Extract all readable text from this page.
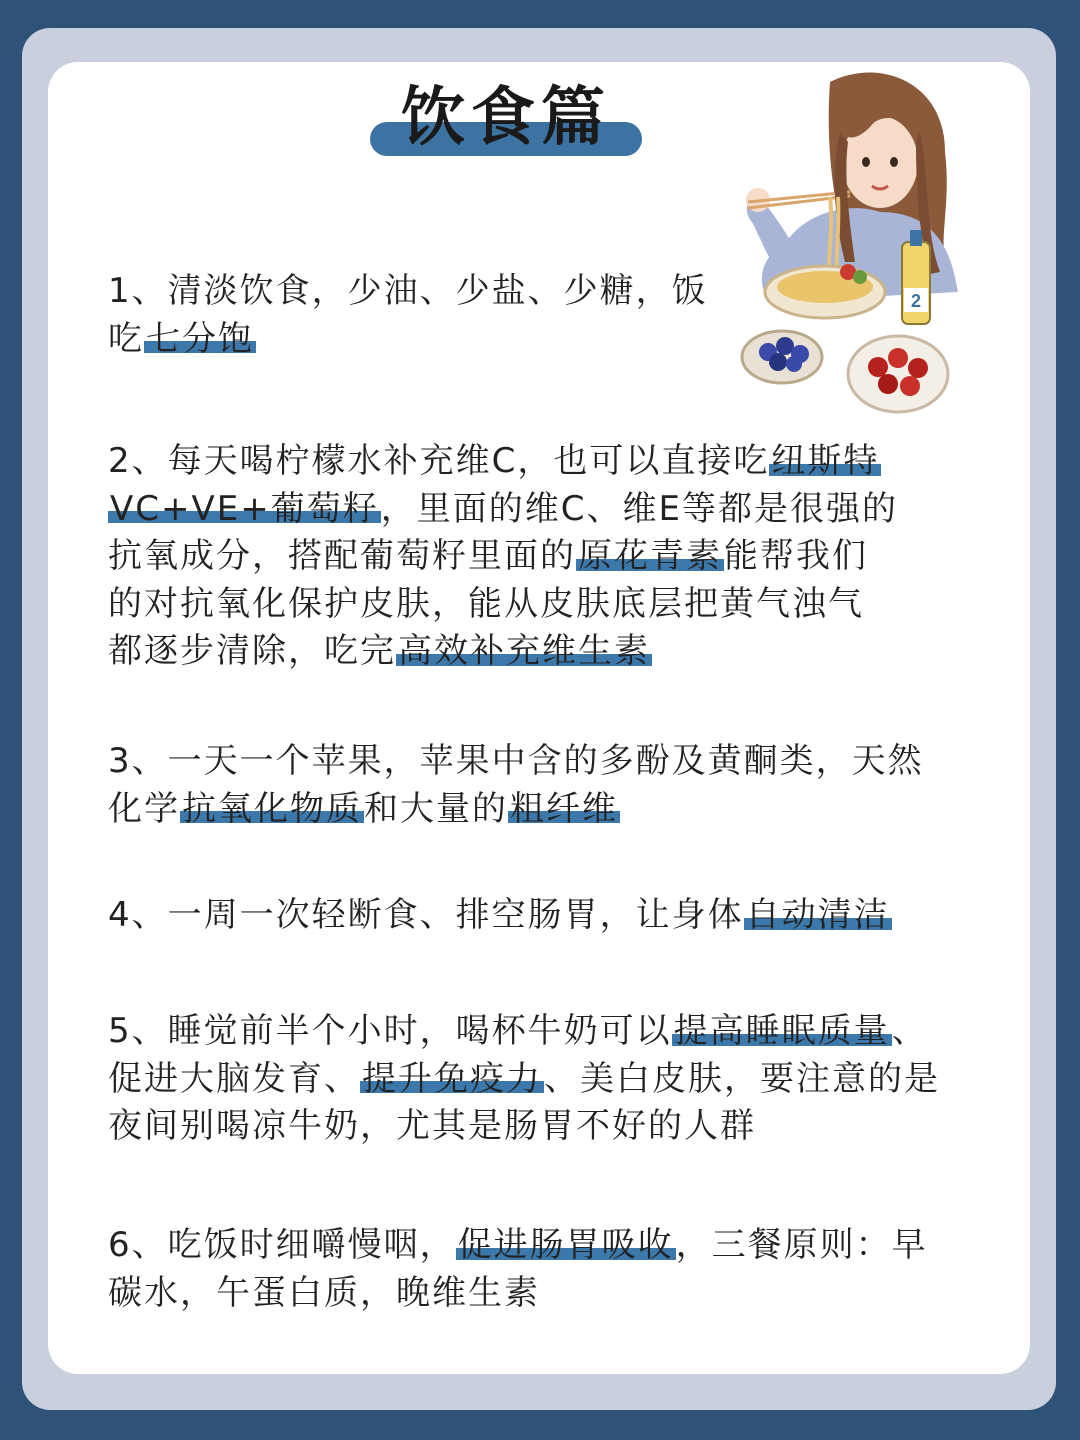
饮食篇
2

1、清淡饮食，少油、少盐、少糖，饭
吃七分饱

2、每天喝柠檬水补充维C，也可以直接吃纽斯特
VC+VE+葡萄籽，里面的维C、维E等都是很强的
抗氧成分，搭配葡萄籽里面的原花青素能帮我们
的对抗氧化保护皮肤，能从皮肤底层把黄气浊气
都逐步清除，吃完高效补充维生素

3、一天一个苹果，苹果中含的多酚及黄酮类，天然
化学抗氧化物质和大量的粗纤维

4、一周一次轻断食、排空肠胃，让身体自动清洁

5、睡觉前半个小时，喝杯牛奶可以提高睡眠质量、
促进大脑发育、提升免疫力、美白皮肤，要注意的是
夜间别喝凉牛奶，尤其是肠胃不好的人群

6、吃饭时细嚼慢咽，促进肠胃吸收，三餐原则：早
碳水，午蛋白质，晚维生素
